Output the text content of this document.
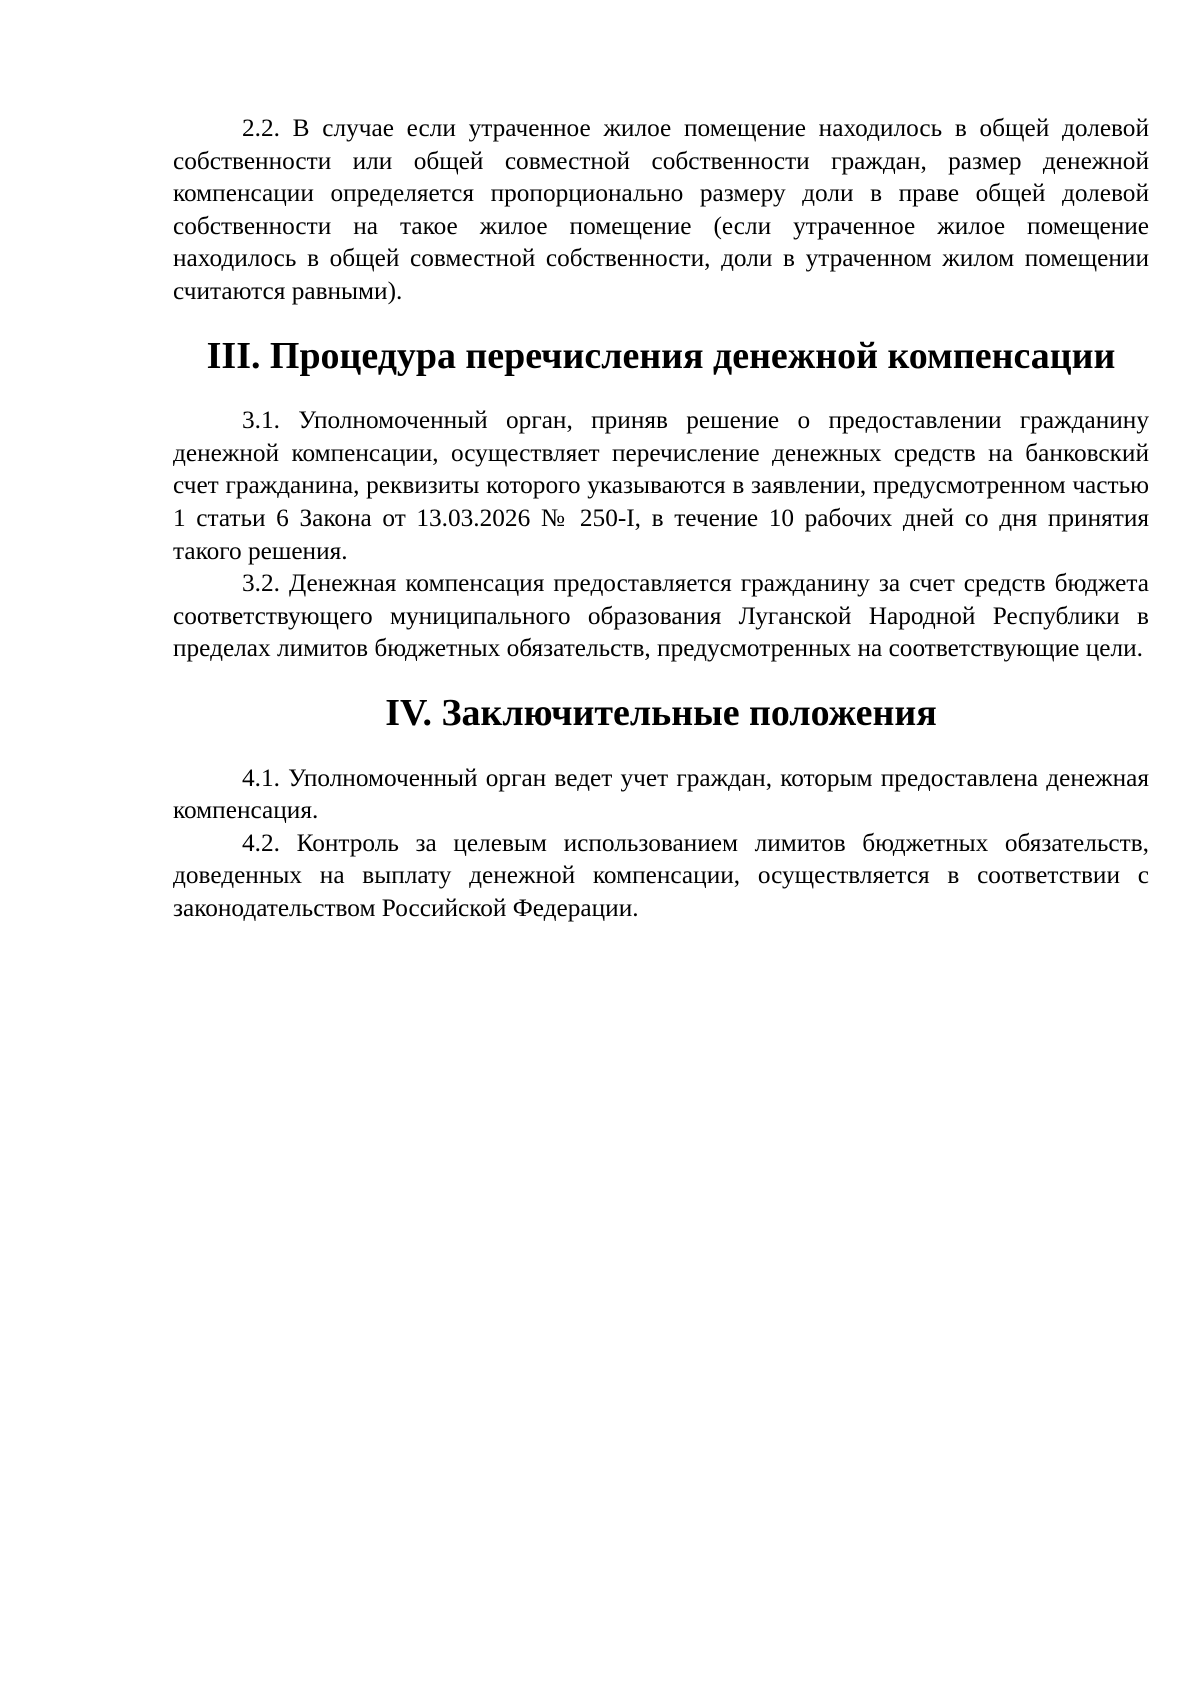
2.2. В случае если утраченное жилое помещение находилось в общей долевой собственности или общей совместной собственности граждан, размер денежной компенсации определяется пропорционально размеру доли в праве общей долевой собственности на такое жилое помещение (если утраченное жилое помещение находилось в общей совместной собственности, доли в утраченном жилом помещении считаются равными).

III. Процедура перечисления денежной компенсации

3.1. Уполномоченный орган, приняв решение о предоставлении гражданину денежной компенсации, осуществляет перечисление денежных средств на банковский счет гражданина, реквизиты которого указываются в заявлении, предусмотренном частью 1 статьи 6 Закона от 13.03.2026 № 250-I, в течение 10 рабочих дней со дня принятия такого решения.

3.2. Денежная компенсация предоставляется гражданину за счет средств бюджета соответствующего муниципального образования Луганской Народной Республики в пределах лимитов бюджетных обязательств, предусмотренных на соответствующие цели.

IV. Заключительные положения

4.1. Уполномоченный орган ведет учет граждан, которым предоставлена денежная компенсация.

4.2. Контроль за целевым использованием лимитов бюджетных обязательств, доведенных на выплату денежной компенсации, осуществляется в соответствии с законодательством Российской Федерации.
